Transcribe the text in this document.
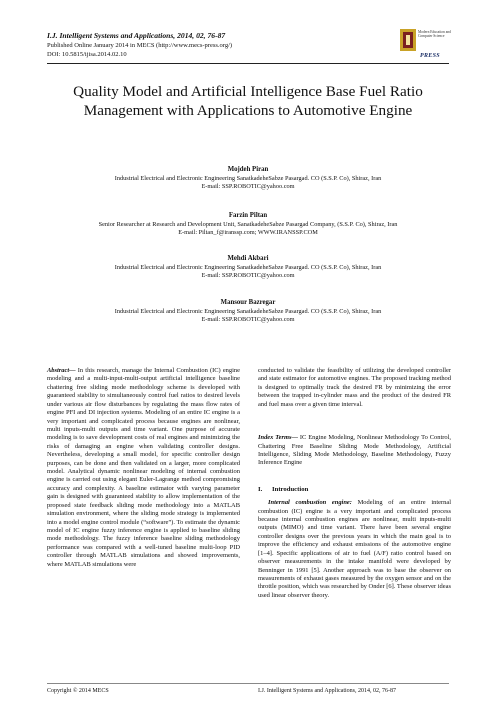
I.J. Intelligent Systems and Applications, 2014, 02, 76-87
Published Online January 2014 in MECS (http://www.mecs-press.org/)
DOI: 10.5815/ijisa.2014.02.10
Modern Education and Computer Science
PRESS
Quality Model and Artificial Intelligence Base Fuel Ratio Management with Applications to Automotive Engine
Mojdeh Piran
Industrial Electrical and Electronic Engineering SanatkadeheSabze Pasargad. CO (S.S.P. Co), Shiraz, Iran
E-mail: SSP.ROBOTIC@yahoo.com
Farzin Piltan
Senior Researcher at Research and Development Unit, SanatkadeheSabze Pasargad Company, (S.S.P. Co), Shiraz, Iran
E-mail: Piltan_f@iranssp.com; WWW.IRANSSP.COM
Mehdi Akbari
Industrial Electrical and Electronic Engineering SanatkadeheSabze Pasargad. CO (S.S.P. Co), Shiraz, Iran
E-mail: SSP.ROBOTIC@yahoo.com
Mansour Bazregar
Industrial Electrical and Electronic Engineering SanatkadeheSabze Pasargad. CO (S.S.P. Co), Shiraz, Iran
E-mail: SSP.ROBOTIC@yahoo.com

Abstract— In this research, manage the Internal Combustion (IC) engine modeling and a multi-input-multi-output artificial intelligence baseline chattering free sliding mode methodology scheme is developed with guaranteed stability to simultaneously control fuel ratios to desired levels under various air flow disturbances by regulating the mass flow rates of engine PFI and DI injection systems. Modeling of an entire IC engine is a very important and complicated process because engines are nonlinear, multi inputs-multi outputs and time variant. One purpose of accurate modeling is to save development costs of real engines and minimizing the risks of damaging an engine when validating controller designs. Nevertheless, developing a small model, for specific controller design purposes, can be done and then validated on a larger, more complicated model. Analytical dynamic nonlinear modeling of internal combustion engine is carried out using elegant Euler-Lagrange method compromising accuracy and complexity. A baseline estimator with varying parameter gain is designed with guaranteed stability to allow implementation of the proposed state feedback sliding mode methodology into a MATLAB simulation environment, where the sliding mode strategy is implemented into a model engine control module (“software”). To estimate the dynamic model of IC engine fuzzy inference engine is applied to baseline sliding mode methodology. The fuzzy inference baseline sliding methodology performance was compared with a well-tuned baseline multi-loop PID controller through MATLAB simulations and showed improvements, where MATLAB simulations were

conducted to validate the feasibility of utilizing the developed controller and state estimator for automotive engines. The proposed tracking method is designed to optimally track the desired FR by minimizing the error between the trapped in-cylinder mass and the product of the desired FR and fuel mass over a given time interval.

Index Terms— IC Engine Modeling, Nonlinear Methodology To Control, Chattering Free Baseline Sliding Mode Methodology, Artificial Intelligence, Sliding Mode Methodology, Baseline Methodology, Fuzzy Inference Engine

I. Introduction

Internal combustion engine: Modeling of an entire internal combustion (IC) engine is a very important and complicated process because internal combustion engines are nonlinear, multi inputs-multi outputs (MIMO) and time variant. There have been several engine controller designs over the previous years in which the main goal is to improve the efficiency and exhaust emissions of the automotive engine [1–4]. Specific applications of air to fuel (A/F) ratio control based on observer measurements in the intake manifold were developed by Benninger in 1991 [5]. Another approach was to base the observer on measurements of exhaust gases measured by the oxygen sensor and on the throttle position, which was researched by Onder [6]. These observer ideas used linear observer theory.

Copyright © 2014 MECS	I.J. Intelligent Systems and Applications, 2014, 02, 76-87
